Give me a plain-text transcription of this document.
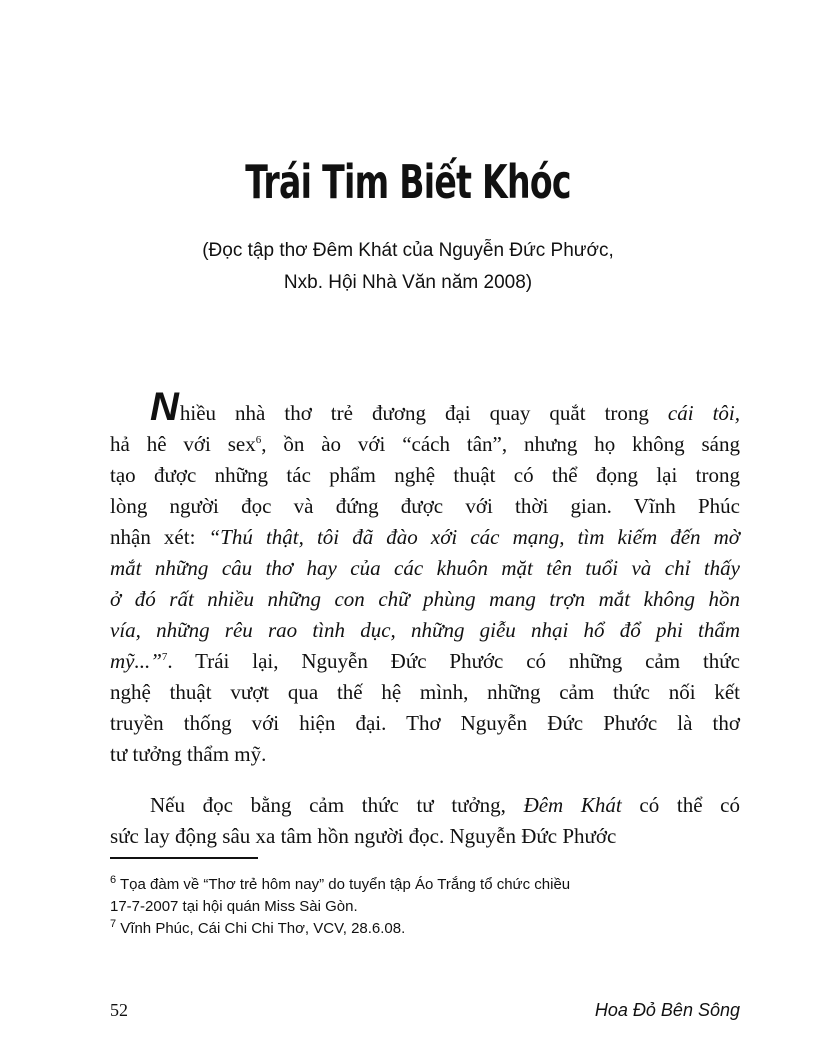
Trái Tim Biết Khóc
(Đọc tập thơ Đêm Khát của Nguyễn Đức Phước,
Nxb. Hội Nhà Văn năm 2008)
Nhiều nhà thơ trẻ đương đại quay quắt trong cái tôi,
hả hê với sex$^6$, ồn ào với “cách tân”, nhưng họ không sáng
tạo được những tác phẩm nghệ thuật có thể đọng lại trong
lòng người đọc và đứng được với thời gian. Vĩnh Phúc
nhận xét: “Thú thật, tôi đã đào xới các mạng, tìm kiếm đến mờ
mắt những câu thơ hay của các khuôn mặt tên tuổi và chỉ thấy
ở đó rất nhiều những con chữ phùng mang trợn mắt không hồn
vía, những rêu rao tình dục, những giễu nhại hổ đổ phi thẩm
mỹ...”$^7$. Trái lại, Nguyễn Đức Phước có những cảm thức
nghệ thuật vượt qua thế hệ mình, những cảm thức nối kết
truyền thống với hiện đại. Thơ Nguyễn Đức Phước là thơ
tư tưởng thẩm mỹ.
Nếu đọc bằng cảm thức tư tưởng, Đêm Khát có thể có
sức lay động sâu xa tâm hồn người đọc. Nguyễn Đức Phước
$^6$ Tọa đàm về “Thơ trẻ hôm nay” do tuyển tập Áo Trắng tổ chức chiều
17-7-2007 tại hội quán Miss Sài Gòn.
$^7$ Vĩnh Phúc, Cái Chi Chi Thơ, VCV, 28.6.08.
52	Hoa Đỏ Bên Sông
